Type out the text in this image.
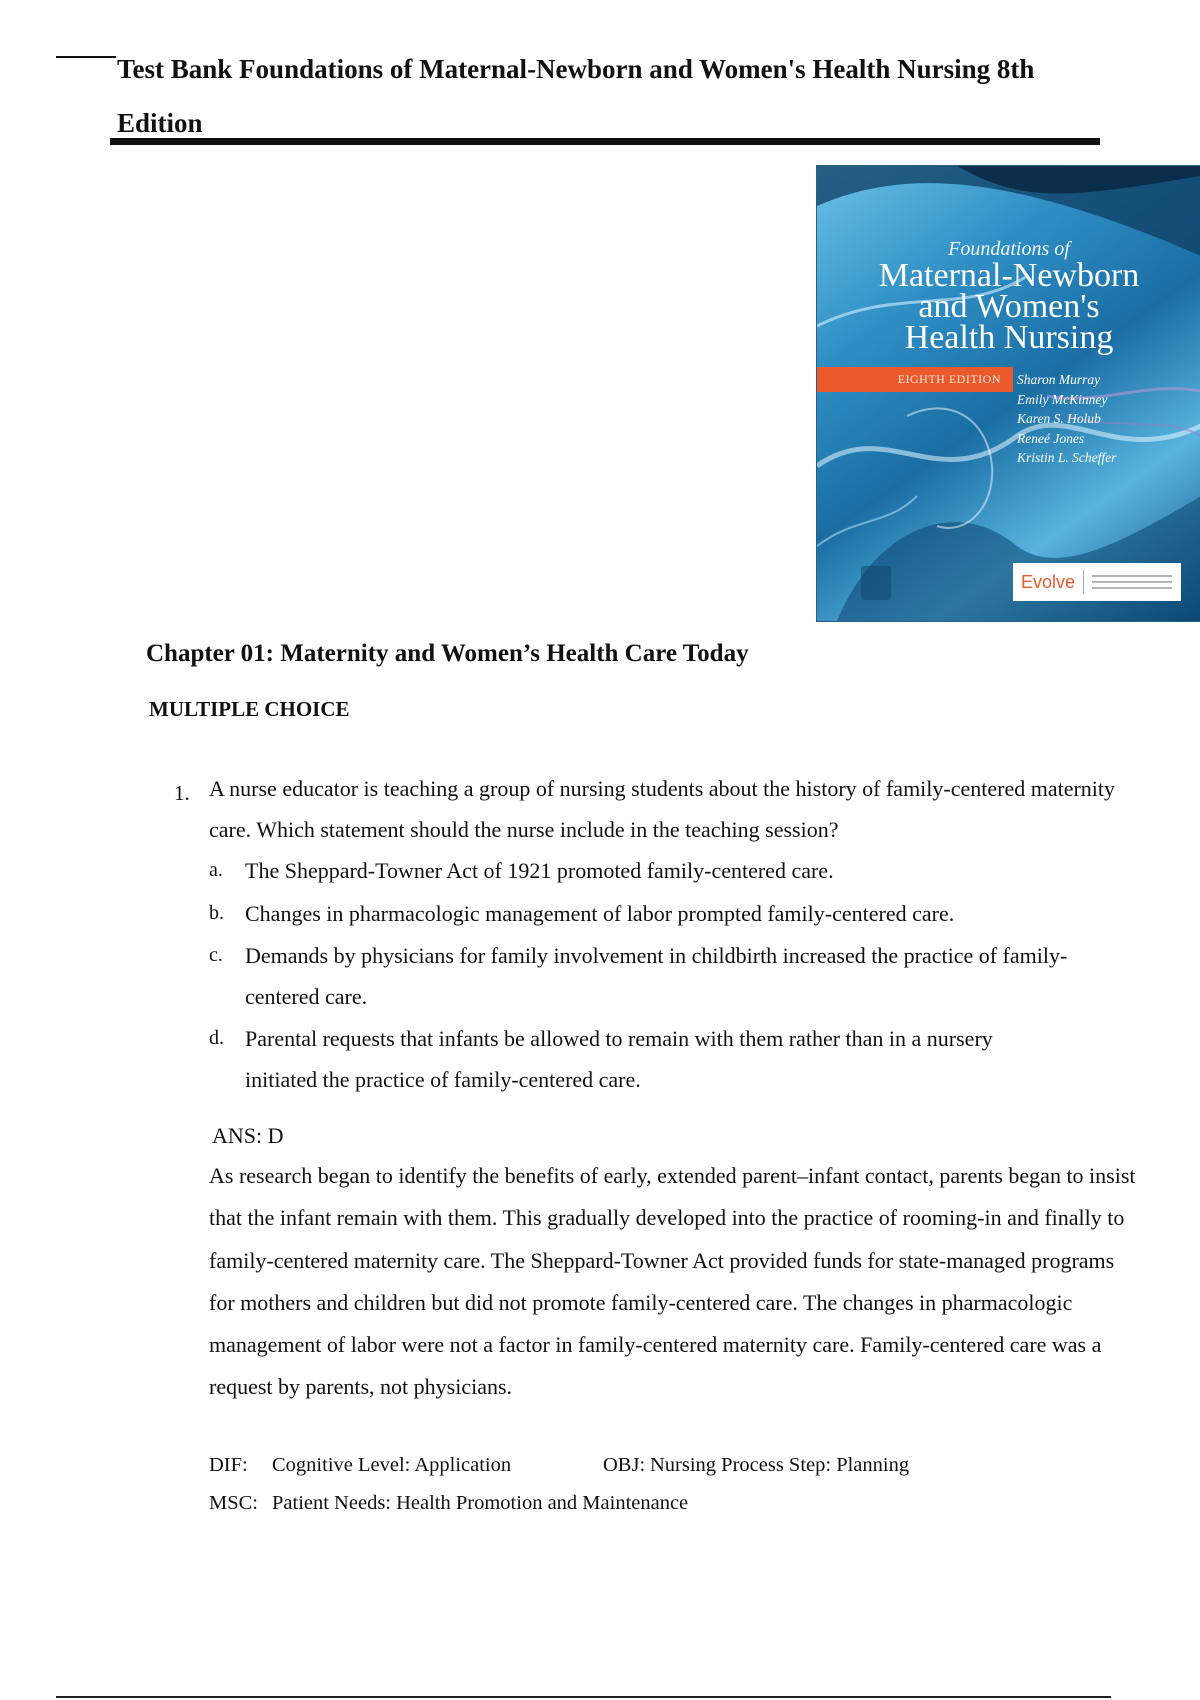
Test Bank Foundations of Maternal-Newborn and Women's Health Nursing 8th Edition
Foundations of
Maternal-Newborn
and Women's
Health Nursing
EIGHTH EDITION	Sharon Murray
Emily McKinney
Karen S. Holub
Reneé Jones
Kristin L. Scheffer
Evolve
Chapter 01: Maternity and Women’s Health Care Today
MULTIPLE CHOICE
1. A nurse educator is teaching a group of nursing students about the history of family-centered maternity care. Which statement should the nurse include in the teaching session?
a. The Sheppard-Towner Act of 1921 promoted family-centered care.
b. Changes in pharmacologic management of labor prompted family-centered care.
c. Demands by physicians for family involvement in childbirth increased the practice of family-centered care.
d. Parental requests that infants be allowed to remain with them rather than in a nursery initiated the practice of family-centered care.
ANS: D
As research began to identify the benefits of early, extended parent–infant contact, parents began to insist that the infant remain with them. This gradually developed into the practice of rooming-in and finally to family-centered maternity care. The Sheppard-Towner Act provided funds for state-managed programs for mothers and children but did not promote family-centered care. The changes in pharmacologic management of labor were not a factor in family-centered maternity care. Family-centered care was a request by parents, not physicians.
DIF: Cognitive Level: Application	OBJ: Nursing Process Step: Planning
MSC: Patient Needs: Health Promotion and Maintenance
